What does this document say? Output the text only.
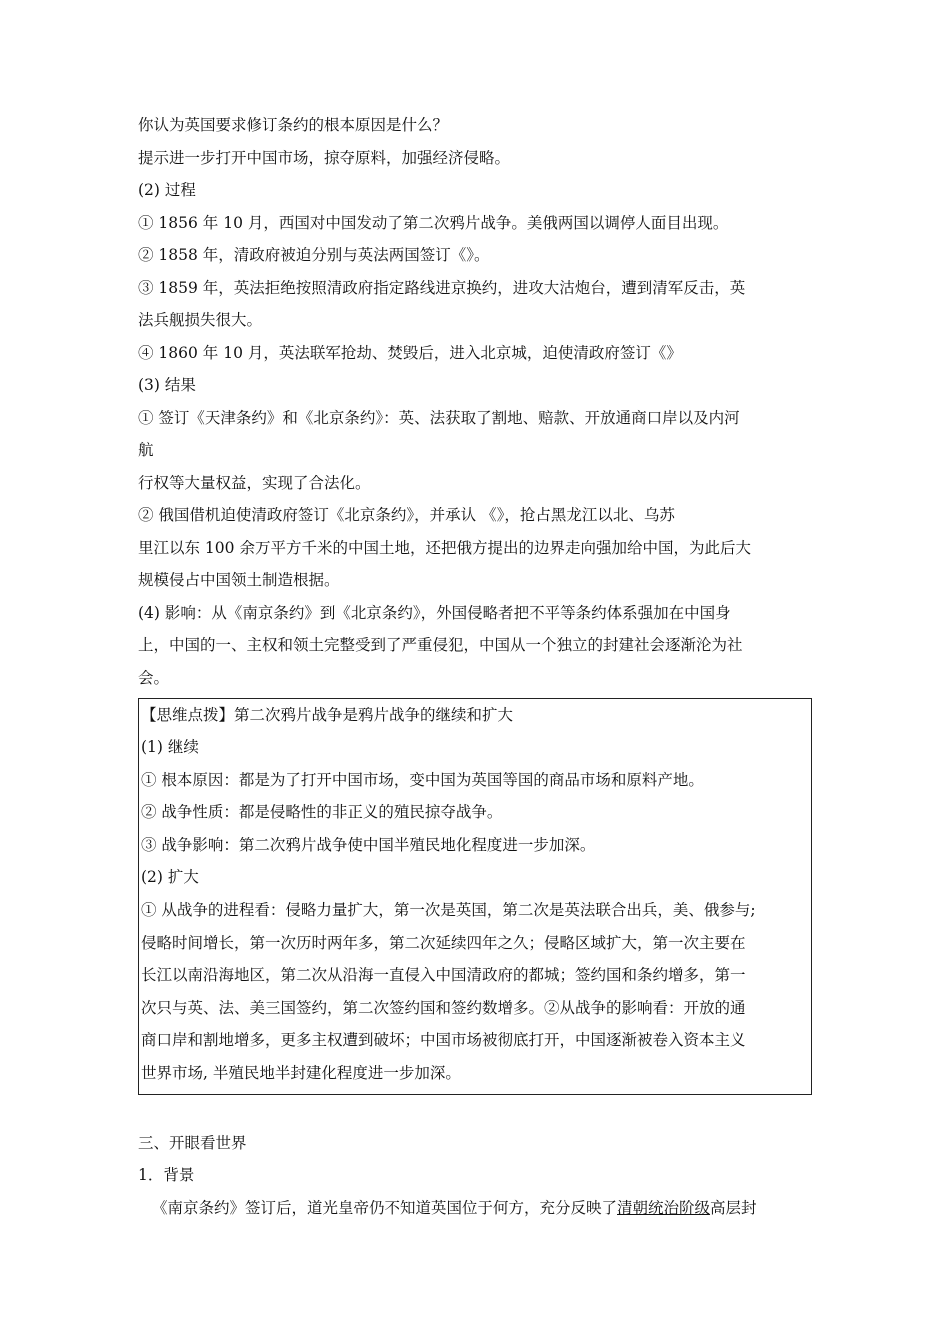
你认为英国要求修订条约的根本原因是什么？
提示进一步打开中国市场，掠夺原料，加强经济侵略。
(2) 过程
① 1856 年 10 月，西国对中国发动了第二次鸦片战争。美俄两国以调停人面目出现。
② 1858 年，清政府被迫分别与英法两国签订《》。
③ 1859 年，英法拒绝按照清政府指定路线进京换约，进攻大沽炮台，遭到清军反击，英
法兵舰损失很大。
④ 1860 年 10 月，英法联军抢劫、焚毁后，进入北京城，迫使清政府签订《》
(3) 结果
① 签订《天津条约》和《北京条约》：英、法获取了割地、赔款、开放通商口岸以及内河
航
行权等大量权益，实现了合法化。
② 俄国借机迫使清政府签订《北京条约》，并承认 《》，抢占黑龙江以北、乌苏
里江以东 100 余万平方千米的中国土地，还把俄方提出的边界走向强加给中国，为此后大
规模侵占中国领土制造根据。
(4) 影响：从《南京条约》到《北京条约》，外国侵略者把不平等条约体系强加在中国身
上，中国的一、主权和领土完整受到了严重侵犯，中国从一个独立的封建社会逐渐沦为社
会。
【思维点拨】第二次鸦片战争是鸦片战争的继续和扩大
(1) 继续
① 根本原因：都是为了打开中国市场，变中国为英国等国的商品市场和原料产地。
② 战争性质：都是侵略性的非正义的殖民掠夺战争。
③ 战争影响：第二次鸦片战争使中国半殖民地化程度进一步加深。
(2) 扩大
① 从战争的进程看：侵略力量扩大，第一次是英国，第二次是英法联合出兵，美、俄参与;
侵略时间增长，第一次历时两年多，第二次延续四年之久；侵略区域扩大，第一次主要在
长江以南沿海地区，第二次从沿海一直侵入中国清政府的都城；签约国和条约增多，第一
次只与英、法、美三国签约，第二次签约国和签约数增多。②从战争的影响看：开放的通
商口岸和割地增多，更多主权遭到破坏；中国市场被彻底打开，中国逐渐被卷入资本主义
世界市场, 半殖民地半封建化程度进一步加深。
三、开眼看世界
1．背景
《南京条约》签订后，道光皇帝仍不知道英国位于何方，充分反映了清朝统治阶级高层封
